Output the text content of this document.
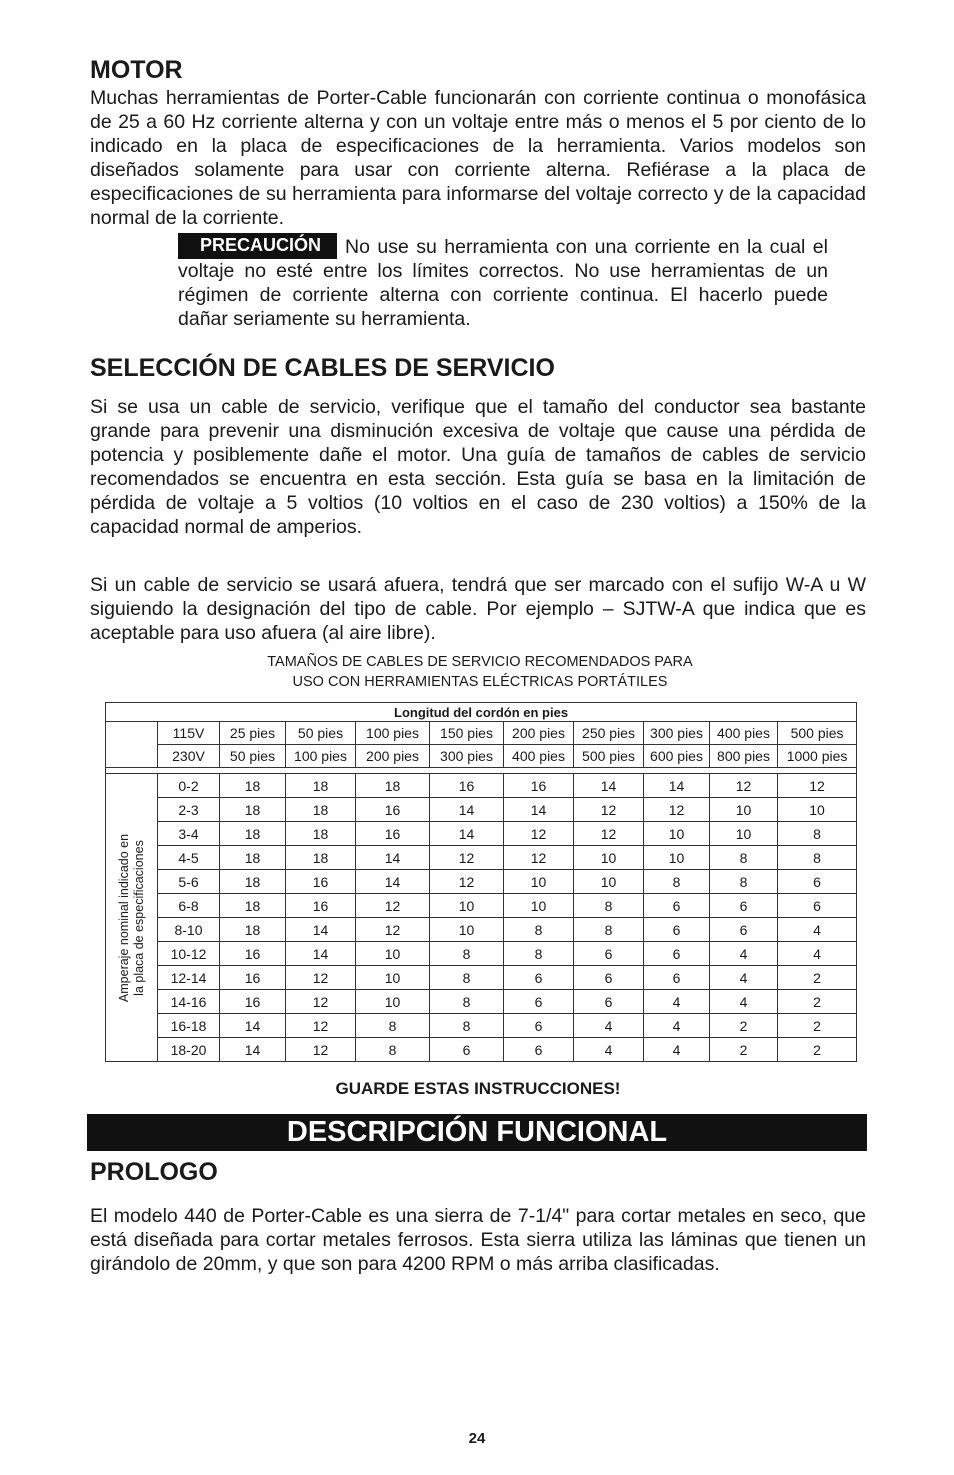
MOTOR
Muchas herramientas de Porter-Cable funcionarán con corriente continua o monofásica de 25 a 60 Hz corriente alterna y con un voltaje entre más o menos el 5 por ciento de lo indicado en la placa de especificaciones de la herramienta. Varios modelos son diseñados solamente para usar con corriente alterna. Refiérase a la placa de especificaciones de su herramienta para informarse del voltaje correcto y de la capacidad normal de la corriente.
PRECAUCIÓN No use su herramienta con una corriente en la cual el voltaje no esté entre los límites correctos. No use herramientas de un régimen de corriente alterna con corriente continua. El hacerlo puede dañar seriamente su herramienta.
SELECCIÓN DE CABLES DE SERVICIO
Si se usa un cable de servicio, verifique que el tamaño del conductor sea bastante grande para prevenir una disminución excesiva de voltaje que cause una pérdida de potencia y posiblemente dañe el motor. Una guía de tamaños de cables de servicio recomendados se encuentra en esta sección. Esta guía se basa en la limitación de pérdida de voltaje a 5 voltios (10 voltios en el caso de 230 voltios) a 150% de la capacidad normal de amperios.
Si un cable de servicio se usará afuera, tendrá que ser marcado con el sufijo W-A u W siguiendo la designación del tipo de cable. Por ejemplo – SJTW-A que indica que es aceptable para uso afuera (al aire libre).
TAMAÑOS DE CABLES DE SERVICIO RECOMENDADOS PARA
USO CON HERRAMIENTAS ELÉCTRICAS PORTÁTILES
Longitud del cordón en pies										
	115V	25 pies	50 pies	100 pies	150 pies	200 pies	250 pies	300 pies	400 pies	500 pies
	230V	50 pies	100 pies	200 pies	300 pies	400 pies	500 pies	600 pies	800 pies	1000 pies

Amperaje nominal indicado en la placa de especificaciones	0-2	18	18	18	16	16	14	14	12	12
	2-3	18	18	16	14	14	12	12	10	10
	3-4	18	18	16	14	12	12	10	10	8
	4-5	18	18	14	12	12	10	10	8	8
	5-6	18	16	14	12	10	10	8	8	6
	6-8	18	16	12	10	10	8	6	6	6
	8-10	18	14	12	10	8	8	6	6	4
	10-12	16	14	10	8	8	6	6	4	4
	12-14	16	12	10	8	6	6	6	4	2
	14-16	16	12	10	8	6	6	4	4	2
	16-18	14	12	8	8	6	4	4	2	2
	18-20	14	12	8	6	6	4	4	2	2
GUARDE ESTAS INSTRUCCIONES!
DESCRIPCIÓN FUNCIONAL
PROLOGO
El modelo 440 de Porter-Cable es una sierra de 7-1/4" para cortar metales en seco, que está diseñada para cortar metales ferrosos. Esta sierra utiliza las láminas que tienen un girándolo de 20mm, y que son para 4200 RPM o más arriba clasificadas.
24
